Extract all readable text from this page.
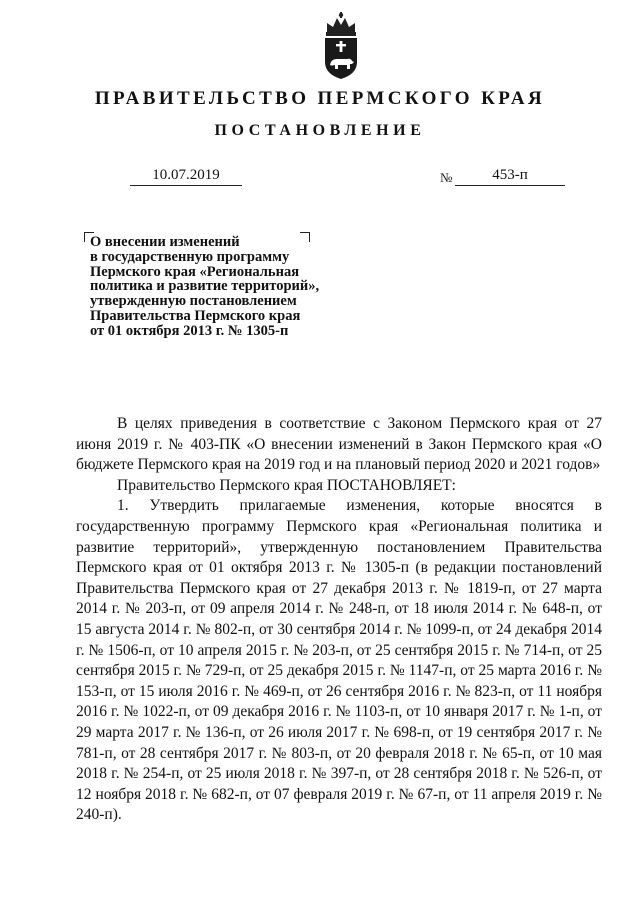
ПРАВИТЕЛЬСТВО ПЕРМСКОГО КРАЯ
ПОСТАНОВЛЕНИЕ
10.07.2019	№	453-п
О внесении изменений
в государственную программу
Пермского края «Региональная
политика и развитие территорий»,
утвержденную постановлением
Правительства Пермского края
от 01 октября 2013 г. № 1305-п

В целях приведения в соответствие с Законом Пермского края от 27 июня 2019 г. № 403-ПК «О внесении изменений в Закон Пермского края «О бюджете Пермского края на 2019 год и на плановый период 2020 и 2021 годов»

Правительство Пермского края ПОСТАНОВЛЯЕТ:

1. Утвердить прилагаемые изменения, которые вносятся в государственную программу Пермского края «Региональная политика и развитие территорий», утвержденную постановлением Правительства Пермского края от 01 октября 2013 г. № 1305-п (в редакции постановлений Правительства Пермского края от 27 декабря 2013 г. № 1819-п, от 27 марта 2014 г. № 203-п, от 09 апреля 2014 г. № 248-п, от 18 июля 2014 г. № 648-п, от 15 августа 2014 г. № 802-п, от 30 сентября 2014 г. № 1099-п, от 24 декабря 2014 г. № 1506-п, от 10 апреля 2015 г. № 203-п, от 25 сентября 2015 г. № 714-п, от 25 сентября 2015 г. № 729-п, от 25 декабря 2015 г. № 1147-п, от 25 марта 2016 г. № 153-п, от 15 июля 2016 г. № 469-п, от 26 сентября 2016 г. № 823-п, от 11 ноября 2016 г. № 1022-п, от 09 декабря 2016 г. № 1103-п, от 10 января 2017 г. № 1-п, от 29 марта 2017 г. № 136-п, от 26 июля 2017 г. № 698-п, от 19 сентября 2017 г. № 781-п, от 28 сентября 2017 г. № 803-п, от 20 февраля 2018 г. № 65-п, от 10 мая 2018 г. № 254-п, от 25 июля 2018 г. № 397-п, от 28 сентября 2018 г. № 526-п, от 12 ноября 2018 г. № 682-п, от 07 февраля 2019 г. № 67-п, от 11 апреля 2019 г. № 240-п).
